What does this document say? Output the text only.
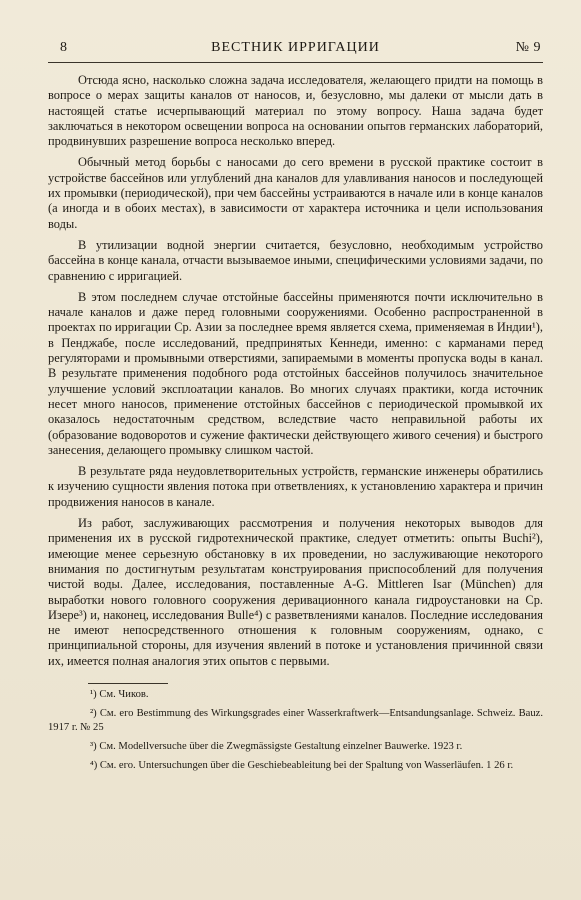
8	ВЕСТНИК ИРРИГАЦИИ	№ 9

Отсюда ясно, насколько сложна задача исследователя, желающего придти на помощь в вопросе о мерах защиты каналов от наносов, и, безусловно, мы далеки от мысли дать в настоящей статье исчерпывающий материал по этому вопросу. Наша задача будет заключаться в некотором освещении вопроса на основании опытов германских лабораторий, продвинувших разрешение вопроса несколько вперед.

Обычный метод борьбы с наносами до сего времени в русской практике состоит в устройстве бассейнов или углублений дна каналов для улавливания наносов и последующей их промывки (периодической), при чем бассейны устраиваются в начале или в конце каналов (а иногда и в обоих местах), в зависимости от характера источника и цели использования воды.

В утилизации водной энергии считается, безусловно, необходимым устройство бассейна в конце канала, отчасти вызываемое иными, специфическими условиями задачи, по сравнению с ирригацией.

В этом последнем случае отстойные бассейны применяются почти исключительно в начале каналов и даже перед головными сооружениями. Особенно распространенной в проектах по ирригации Ср. Азии за последнее время является схема, применяемая в Индии¹), в Пенджабе, после исследований, предпринятых Кеннеди, именно: с карманами перед регуляторами и промывными отверстиями, запираемыми в моменты пропуска воды в канал. В результате применения подобного рода отстойных бассейнов получилось значительное улучшение условий эксплоатации каналов. Во многих случаях практики, когда источник несет много наносов, применение отстойных бассейнов с периодической промывкой их оказалось недостаточным средством, вследствие часто неправильной работы их (образование водоворотов и сужение фактически действующего живого сечения) и быстрого занесения, делающего промывку слишком частой.

В результате ряда неудовлетворительных устройств, германские инженеры обратились к изучению сущности явления потока при ответвлениях, к установлению характера и причин продвижения наносов в канале.

Из работ, заслуживающих рассмотрения и получения некоторых выводов для применения их в русской гидротехнической практике, следует отметить: опыты Buchi²), имеющие менее серьезную обстановку в их проведении, но заслуживающие некоторого внимания по достигнутым результатам конструирования приспособлений для получения чистой воды. Далее, исследования, поставленные A-G. Mittleren Isar (München) для выработки нового головного сооружения деривационного канала гидроустановки на Ср. Изере³) и, наконец, исследования Bulle⁴) с разветвлениями каналов. Последние исследования не имеют непосредственного отношения к головным сооружениям, однако, с принципиальной стороны, для изучения явлений в потоке и установления причинной связи их, имеется полная аналогия этих опытов с первыми.

¹) См. Чиков.

²) См. его Bestimmung des Wirkungsgrades einer Wasserkraftwerk—Entsandungsanlage. Schweiz. Bauz. 1917 г. № 25

³) См. Modellversuche über die Zwegmässigste Gestaltung einzelner Bauwerke. 1923 г.

⁴) См. его. Untersuchungen über die Geschiebeableitung bei der Spaltung von Wasserläufen. 1 26 г.
